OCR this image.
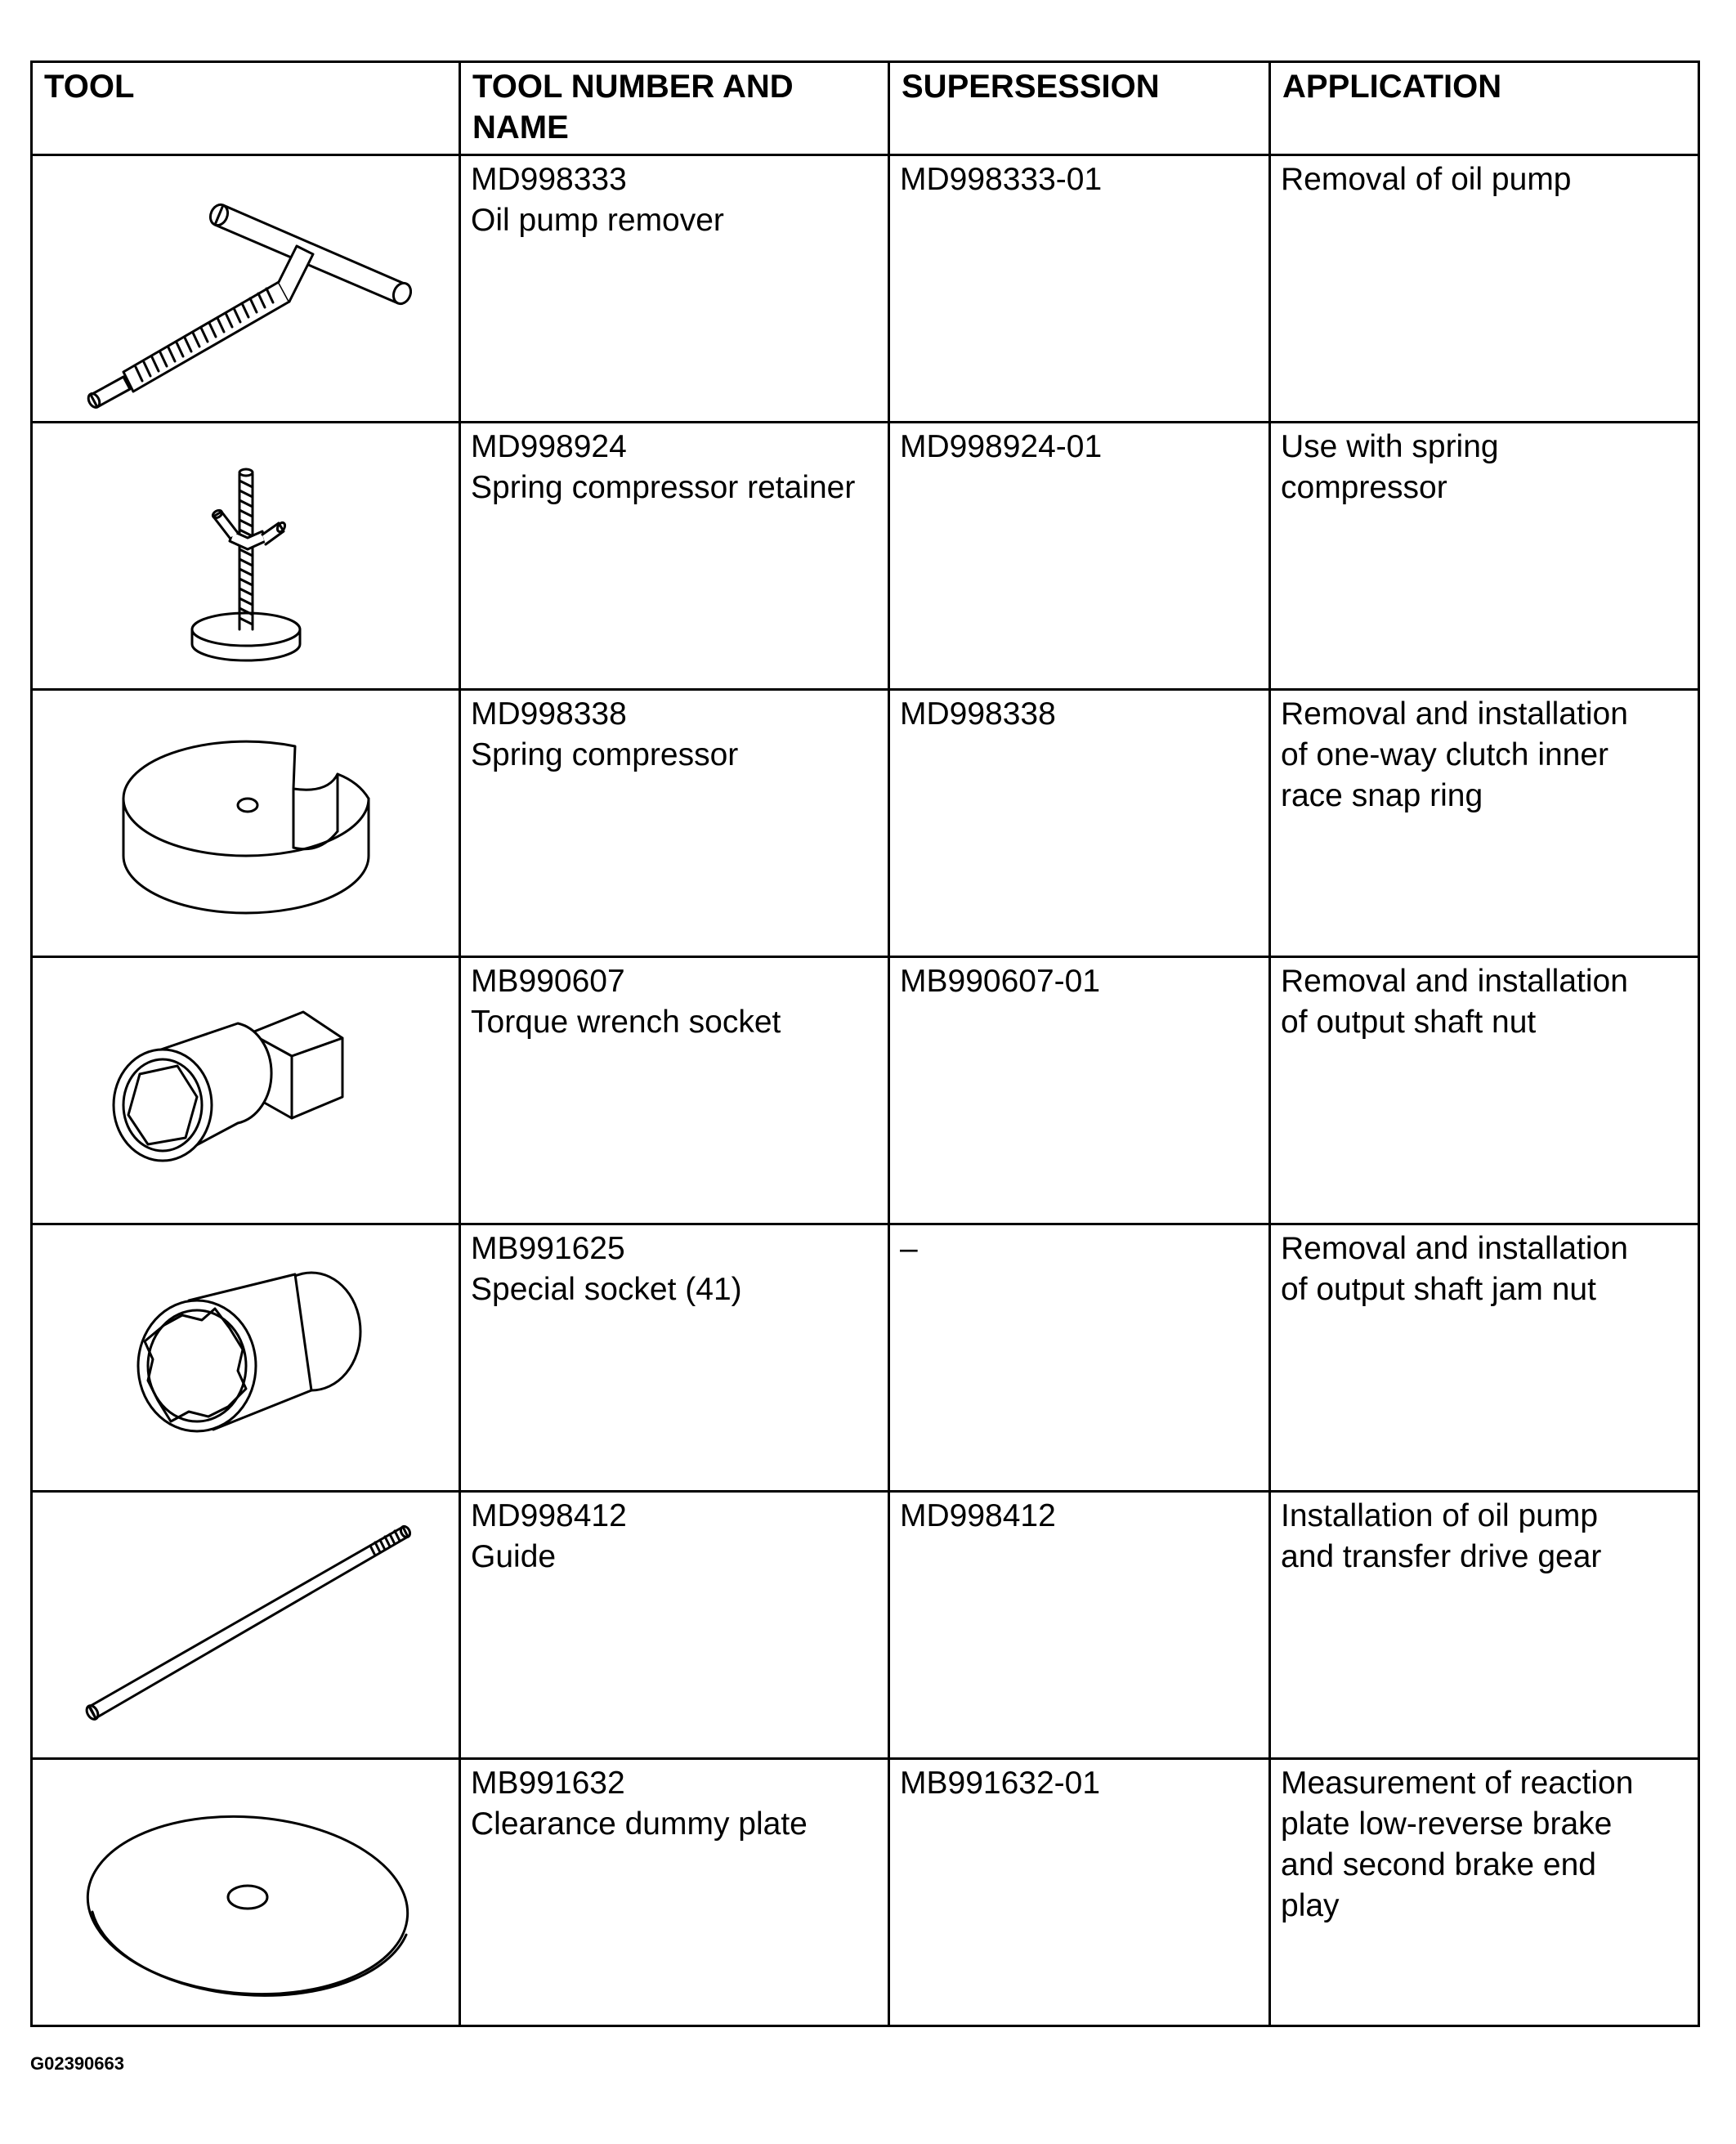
TOOL	TOOL NUMBER AND NAME	SUPERSESSION	APPLICATION

MD998333
Oil pump remover	MD998333-01	Removal of oil pump

MD998924
Spring compressor retainer	MD998924-01	Use with spring
compressor

MD998338
Spring compressor	MD998338	Removal and installation
of one-way clutch inner
race snap ring

MB990607
Torque wrench socket	MB990607-01	Removal and installation
of output shaft nut

MB991625
Special socket (41)	–	Removal and installation
of output shaft jam nut

MD998412
Guide	MD998412	Installation of oil pump
and transfer drive gear

MB991632
Clearance dummy plate	MB991632-01	Measurement of reaction
plate low-reverse brake
and second brake end
play
G02390663
